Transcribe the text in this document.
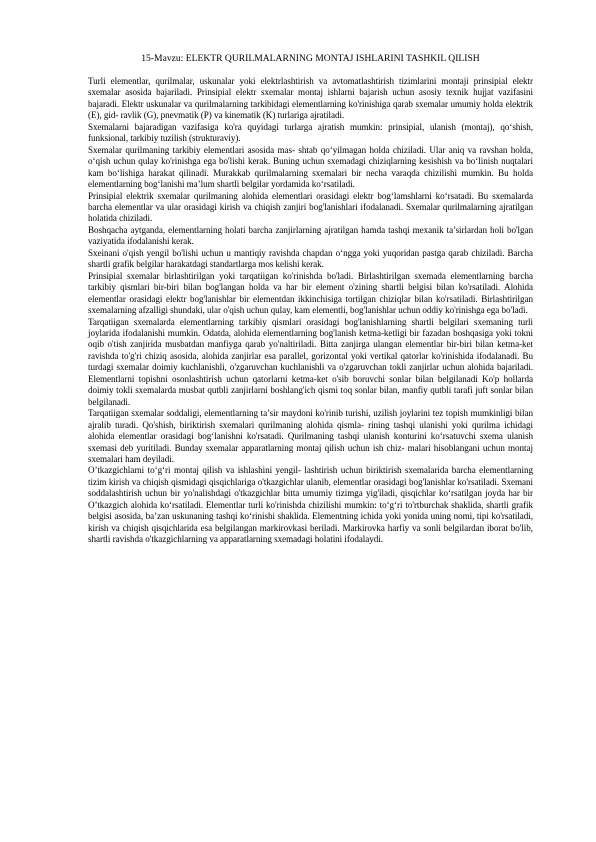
15-Mavzu: ELEKTR QURILMALARNING MONTAJ ISHLARINI TASHKIL QILISH

Turli elementlar, qurilmalar, uskunalar yoki elektrlashtirish va avtomatlashtirish tizimlarini montaji prinsipial elektr sxemalar asosida bajariladi. Prinsipial elektr sxemalar montaj ishlarni bajarish uchun asosiy texnik hujjat vazifasini bajaradi. Elektr uskunalar va qurilmalarning tarkibidagi elementlarning ko'rinishiga qarab sxemalar umumiy holda elektrik (E), gid- ravlik (G), pnevmatik (P) va kinematik (K) turlariga ajratiladi.

Sxemalarni bajaradigan vazifasiga ko'ra quyidagi turlarga ajratish mumkin: prinsipial, ulanish (montaj), qo‘shish, funksional, tarkibiy tuzilish (strukturaviy).

Sxemalar qurilmaning tarkibiy elementlari asosida mas- shtab qo‘yilmagan holda chiziladi. Ular aniq va ravshan holda, o‘qish uchun qulay ko'rinishga ega bo'lishi kerak. Buning uchun sxemadagi chiziqlarning kesishish va bo‘linish nuqtalari kam bo‘lishiga harakat qilinadi. Murakkab qurilmalarning sxemalari bir necha varaqda chizilishi mumkin. Bu holda elementlarning bog‘lanishi ma’lum shartli belgilar yordamida ko‘rsatiladi.

Prinsipial elektrik sxemalar qurilmaning alohida elementlari orasidagi elektr bog‘lamshlarni ko‘rsatadi. Bu sxemalarda barcha elementlar va ular orasidagi kirish va chiqish zanjiri bog'lanishlari ifodalanadi. Sxemalar qurilmalarning ajratilgan holatida chiziladi.

Boshqacha aytganda, elementlarning holati barcha zanjirlarning ajratilgan hamda tashqi mexanik ta’sirlardan holi bo'lgan vaziyatida ifodalanishi kerak.

Sxeinani o'qish yengil bo'lishi uchun u mantiqiy ravishda chapdan o‘ngga yoki yuqoridan pastga qarab chiziladi. Barcha shartli grafik belgilar harakatdagi standartlarga mos kelishi kerak.

Prinsipial sxemalar birlashtirilgan yoki tarqatiigan ko'rinishda bo'ladi. Birlashtirilgan sxemada elementlarning barcha tarkibiy qismlari bir-biri bilan bog'langan holda va har bir element o'zining shartli belgisi bilan ko'rsatiladi. Alohida elementlar orasidagi elektr bog'lanishlar bir elementdan ikkinchisiga tortilgan chiziqlar bilan ko'rsatiladi. Birlashtirilgan sxemalarning afzalligi shundaki, ular o'qish uchun qulay, kam elementli, bog'lanishlar uchun oddiy ko'rinishga ega bo'ladi.

Tarqatiigan sxemalarda elementlarning tarkibiy qismlari orasidagi bog'lanishlarning shartli belgilari sxemaning turli joylarida ifodalanishi mumkin. Odatda, alohida elementlarning bog'lanish ketma-ketligi bir fazadan boshqasiga yoki tokni oqib o'tish zanjirida musbatdan manfiyga qarab yo'naltiriladi. Bitta zanjirga ulangan elementlar bir-biri bilan ketma-ket ravishda to'g'ri chiziq asosida, alohida zanjirlar esa parallel, gorizontal yoki vertikal qatorlar ko'rinishida ifodalanadi. Bu turdagi sxemalar doimiy kuchlanishli, o'zgaruvchan kuchlanishli va o'zgaruvchan tokli zanjirlar uchun alohida bajariladi. Elementlarni topishni osonlashtirish uchun qatorlarni ketma-ket o'sib boruvchi sonlar bilan belgilanadi Ko'p hollarda doimiy tokli sxemalarda musbat qutbli zanjirlarni boshlang'ich qismi toq sonlar bilan, manfiy qutbli tarafi juft sonlar bilan belgilanadi.

Tarqatiigan sxemalar soddaligi, elementlarning ta’sir maydoni ko'rinib turishi, uzilish joylarini tez topish mumkinligi bilan ajralib turadi. Qo'shish, biriktirish sxemalari qurilmaning alohida qismla- rining tashqi ulanishi yoki qurilma ichidagi alohida elementlar orasidagi bog‘lanishni ko'rsatadi. Qurilmaning tashqi ulanish konturini ko‘rsatuvchi sxema ulanish sxemasi deb yuritiladi. Bunday sxemalar apparatlarning montaj qilish uchun ish chiz- malari hisoblangani uchun montaj sxemalari ham deyiladi.

O’tkazgichlarni to‘g‘ri montaj qilish va ishlashini yengil- lashtirish uchun biriktirish sxemalarida barcha elementlarning tizim kirish va chiqish qismidagi qisqichlariga o'tkazgichlar ulanib, elementlar orasidagi bog'lanishlar ko'rsatiladi. Sxemani soddalashtirish uchun bir yo'nalishdagi o'tkazgichlar bitta umumiy tizimga yig'iladi, qisqichlar ko‘rsatilgan joyda har bir O’tkazgich alohida ko‘rsatiladi. Elementlar turli ko'rinishda chizilishi mumkin: to‘g‘ri to'rtburchak shaklida, shartli grafik belgisi asosida, ba’zan uskunaning tashqi ko‘rinishi shaklida. Elementning ichida yoki yonida uning nomi, tipi ko'rsatiladi, kirish va chiqish qisqichlarida esa belgilangan markirovkasi beriladi. Markirovka harfiy va sonli belgilardan iborat bo'lib, shartli ravishda o'tkazgichlarning va apparatlarning sxemadagi holatini ifodalaydi.
